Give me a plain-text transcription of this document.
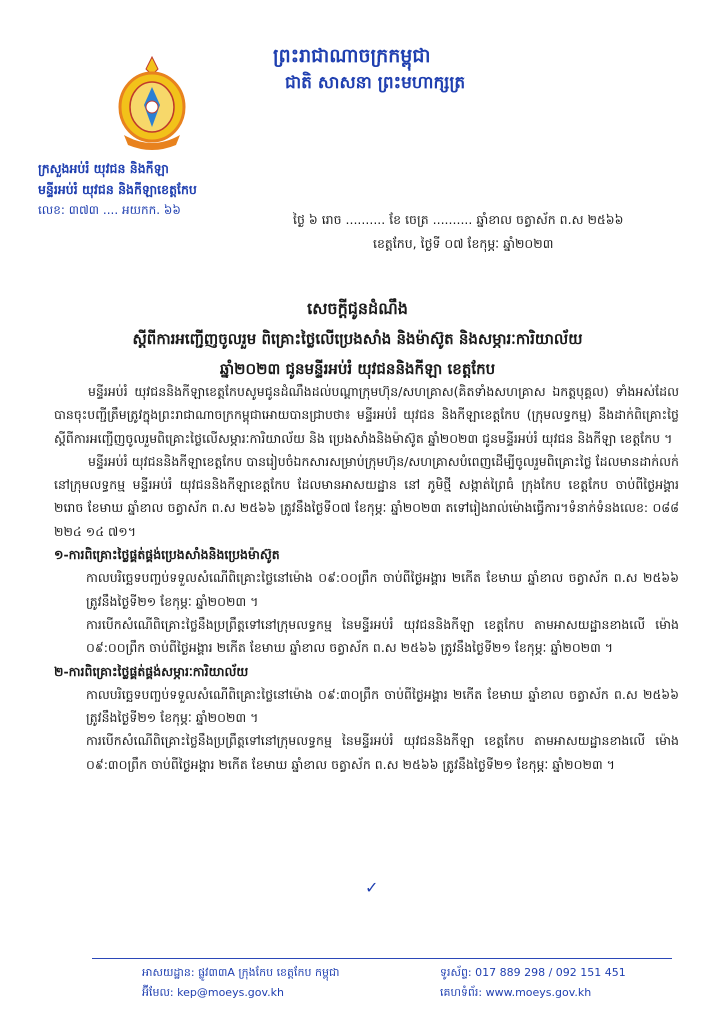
ព្រះរាជាណាចក្រកម្ពុជា
ជាតិ សាសនា ព្រះមហាក្សត្រ
ក្រសួងអប់រំ យុវជន និងកីឡា
មន្ទីរអប់រំ យុវជន និងកីឡាខេត្តកែប
លេខ: ៣៧៣ .... អយកក. ៦៦
ថ្ងៃ ៦ រោច .......... ខែ ចេត្រ .......... ឆ្នាំខាល ចត្វាស័ក ព.ស ២៥៦៦
ខេត្តកែប, ថ្ងៃទី ០៧ ខែកុម្ភៈ ឆ្នាំ២០២៣
សេចក្តីជូនដំណឹង
ស្តីពីការអញ្ជើញចូលរួម ពិគ្រោះថ្លៃលើប្រេងសាំង និងម៉ាស៊ូត និងសម្ភារៈការិយាល័យ
ឆ្នាំ២០២៣ ជូនមន្ទីរអប់រំ យុវជននិងកីឡា ខេត្តកែប

មន្ទីរអប់រំ យុវជននិងកីឡាខេត្តកែបសូមជូនដំណឹងដល់បណ្តាក្រុមហ៊ុន/សហគ្រាស(គិតទាំងសហគ្រាស ឯកត្តបុគ្គល) ទាំងអស់ដែលបានចុះបញ្ជីត្រឹមត្រូវក្នុងព្រះរាជាណាចក្រកម្ពុជាអោយបានជ្រាបថា៖ មន្ទីរអប់រំ យុវជន និងកីឡាខេត្តកែប (ក្រុមលទ្ធកម្ម) នឹងដាក់ពិគ្រោះថ្លៃ ស្តីពីការអញ្ជើញចូលរួមពិគ្រោះថ្លៃលើសម្ភារៈការិយាល័យ និង ប្រេងសាំងនិងម៉ាស៊ូត ឆ្នាំ២០២៣ ជូនមន្ទីរអប់រំ យុវជន និងកីឡា ខេត្តកែប ។

មន្ទីរអប់រំ យុវជននិងកីឡាខេត្តកែប បានរៀបចំឯកសារសម្រាប់ក្រុមហ៊ុន/សហគ្រាសបំពេញដើម្បីចូលរួមពិគ្រោះថ្លៃ ដែលមានដាក់លក់នៅក្រុមលទ្ធកម្ម មន្ទីរអប់រំ យុវជននិងកីឡាខេត្តកែប ដែលមានអាសយដ្ឋាន នៅ ភូមិថ្មី សង្កាត់ព្រៃធំ ក្រុងកែប ខេត្តកែប ចាប់ពីថ្ងៃអង្គារ ២រោច ខែមាឃ ឆ្នាំខាល ចត្វាស័ក ព.ស ២៥៦៦ ត្រូវនឹងថ្ងៃទី០៧ ខែកុម្ភៈ ឆ្នាំ២០២៣ តទៅរៀងរាល់ម៉ោងធ្វើការ។ទំនាក់ទំនងលេខ: ០៨៨ ២២៤ ១៤ ៧១។

១-ការពិគ្រោះថ្លៃផ្គត់ផ្គង់ប្រេងសាំងនិងប្រេងម៉ាស៊ូត

កាលបរិច្ឆេទបញ្ចប់ទទួលសំណើពិគ្រោះថ្លៃនៅម៉ោង ០៩:០០ព្រឹក ចាប់ពីថ្ងៃអង្គារ ២កើត ខែមាឃ ឆ្នាំខាល ចត្វាស័ក ព.ស ២៥៦៦ ត្រូវនឹងថ្ងៃទី២១ ខែកុម្ភៈ ឆ្នាំ២០២៣ ។

ការបើកសំណើពិគ្រោះថ្លៃនឹងប្រព្រឹត្តទៅនៅក្រុមលទ្ធកម្ម នៃមន្ទីរអប់រំ យុវជននិងកីឡា ខេត្តកែប តាមអាសយដ្ឋានខាងលើ ម៉ោង ០៩:០០ព្រឹក ចាប់ពីថ្ងៃអង្គារ ២កើត ខែមាឃ ឆ្នាំខាល ចត្វាស័ក ព.ស ២៥៦៦ ត្រូវនឹងថ្ងៃទី២១ ខែកុម្ភៈ ឆ្នាំ២០២៣ ។

២-ការពិគ្រោះថ្លៃផ្គត់ផ្គង់សម្ភារៈការិយាល័យ

កាលបរិច្ឆេទបញ្ចប់ទទួលសំណើពិគ្រោះថ្លៃនៅម៉ោង ០៩:៣០ព្រឹក ចាប់ពីថ្ងៃអង្គារ ២កើត ខែមាឃ ឆ្នាំខាល ចត្វាស័ក ព.ស ២៥៦៦ ត្រូវនឹងថ្ងៃទី២១ ខែកុម្ភៈ ឆ្នាំ២០២៣ ។

ការបើកសំណើពិគ្រោះថ្លៃនឹងប្រព្រឹត្តទៅនៅក្រុមលទ្ធកម្ម នៃមន្ទីរអប់រំ យុវជននិងកីឡា ខេត្តកែប តាមអាសយដ្ឋានខាងលើ ម៉ោង ០៩:៣០ព្រឹក ចាប់ពីថ្ងៃអង្គារ ២កើត ខែមាឃ ឆ្នាំខាល ចត្វាស័ក ព.ស ២៥៦៦ ត្រូវនឹងថ្ងៃទី២១ ខែកុម្ភៈ ឆ្នាំ២០២៣ ។

✓
អាសយដ្ឋាន: ផ្លូវ៣៣A ក្រុងកែប ខេត្តកែប កម្ពុជា
អ៊ីមែល: kep@moeys.gov.kh
ទូរស័ព្ទ: 017 889 298 / 092 151 451
គេហទំព័រ: www.moeys.gov.kh
